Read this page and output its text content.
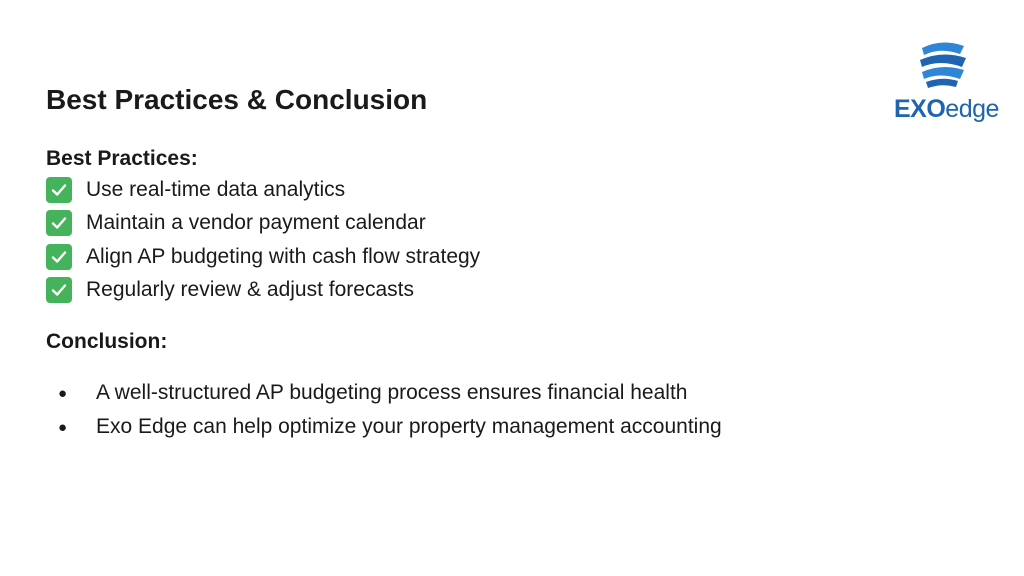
Best Practices & Conclusion	EXOedge

Best Practices:

Use real-time data analytics
Maintain a vendor payment calendar
Align AP budgeting with cash flow strategy
Regularly review & adjust forecasts

Conclusion:

●	A well-structured AP budgeting process ensures financial health
●	Exo Edge can help optimize your property management accounting
